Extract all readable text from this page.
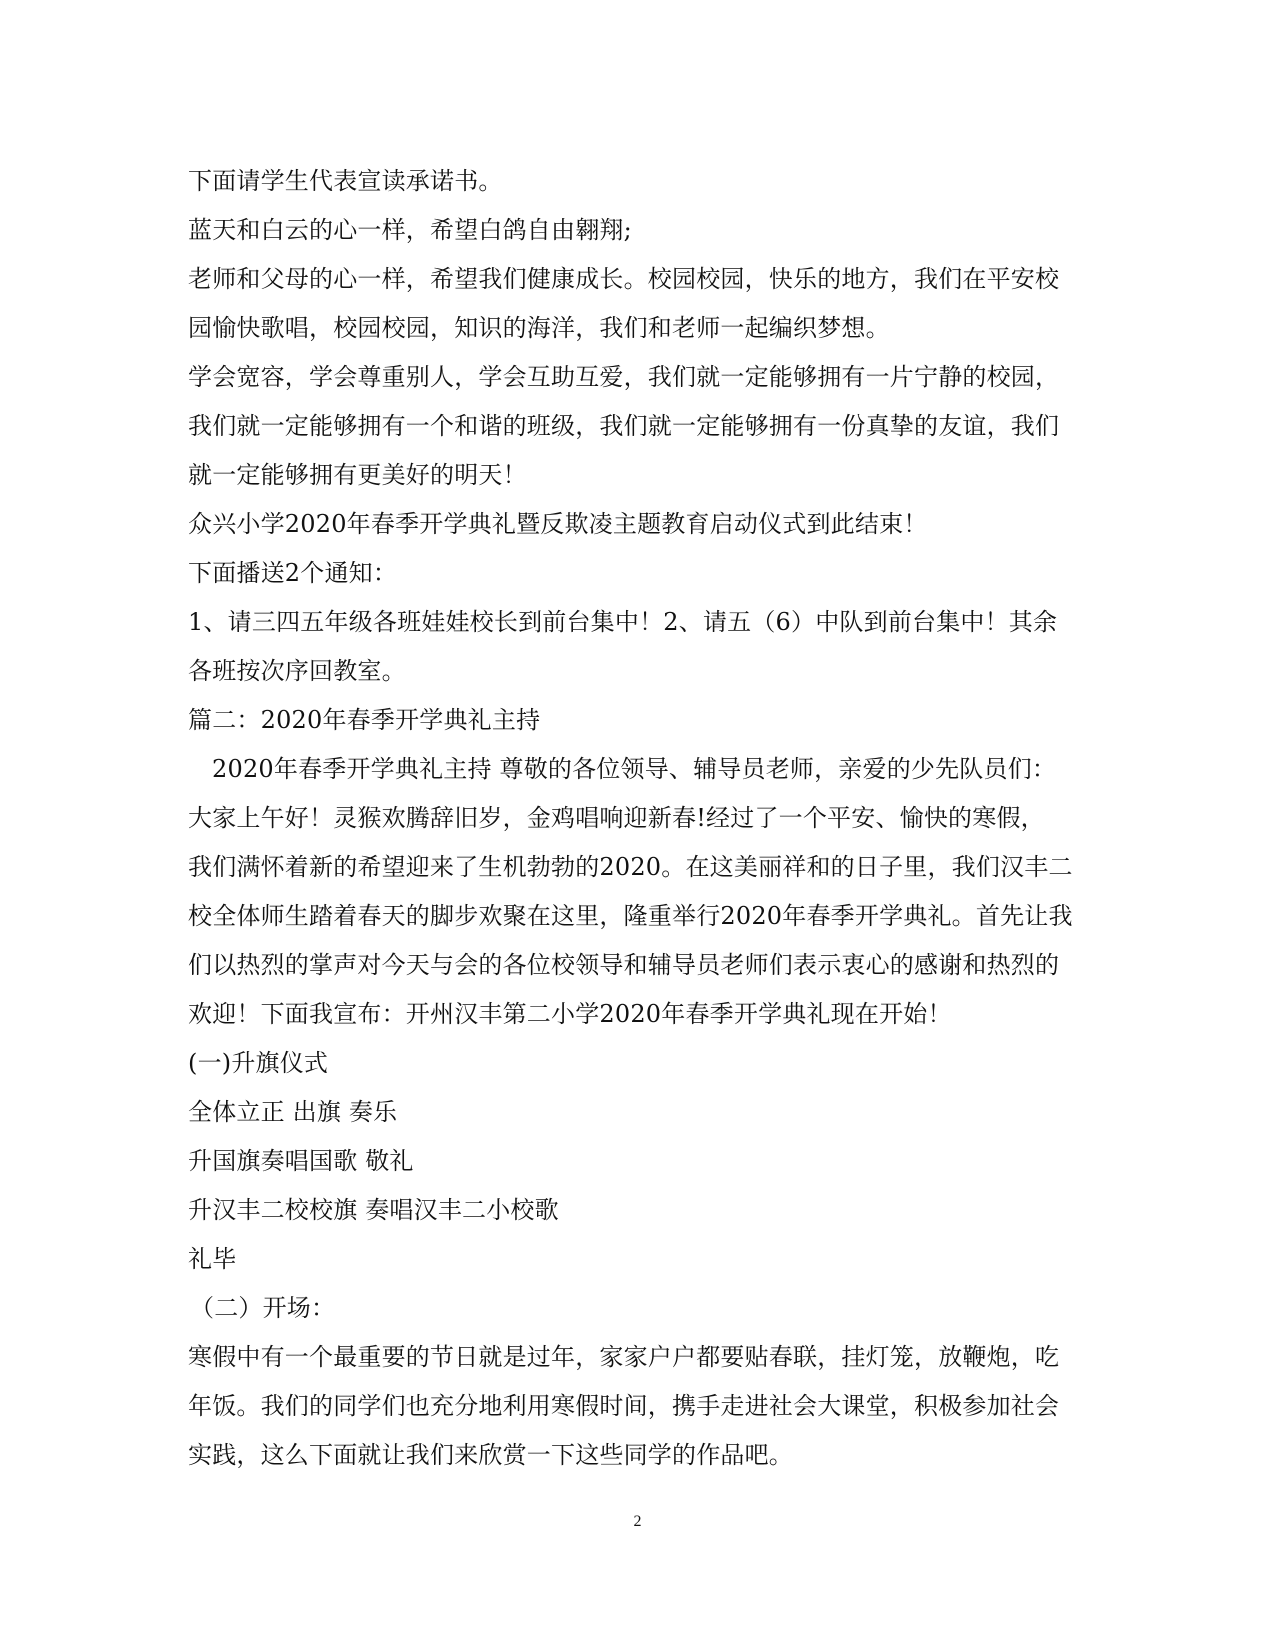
下面请学生代表宣读承诺书。
蓝天和白云的心一样，希望白鸽自由翱翔;
老师和父母的心一样，希望我们健康成长。校园校园，快乐的地方，我们在平安校
园愉快歌唱，校园校园，知识的海洋，我们和老师一起编织梦想。
学会宽容，学会尊重别人，学会互助互爱，我们就一定能够拥有一片宁静的校园，
我们就一定能够拥有一个和谐的班级，我们就一定能够拥有一份真挚的友谊，我们
就一定能够拥有更美好的明天！
众兴小学2020年春季开学典礼暨反欺凌主题教育启动仪式到此结束！
下面播送2个通知：
1、请三四五年级各班娃娃校长到前台集中！2、请五（6）中队到前台集中！其余
各班按次序回教室。
篇二：2020年春季开学典礼主持
2020年春季开学典礼主持 尊敬的各位领导、辅导员老师，亲爱的少先队员们：
大家上午好！灵猴欢腾辞旧岁，金鸡唱响迎新春!经过了一个平安、愉快的寒假，
我们满怀着新的希望迎来了生机勃勃的2020。在这美丽祥和的日子里，我们汉丰二
校全体师生踏着春天的脚步欢聚在这里，隆重举行2020年春季开学典礼。首先让我
们以热烈的掌声对今天与会的各位校领导和辅导员老师们表示衷心的感谢和热烈的
欢迎！下面我宣布：开州汉丰第二小学2020年春季开学典礼现在开始！
(一)升旗仪式
全体立正 出旗 奏乐
升国旗奏唱国歌 敬礼
升汉丰二校校旗 奏唱汉丰二小校歌
礼毕
（二）开场：
寒假中有一个最重要的节日就是过年，家家户户都要贴春联，挂灯笼，放鞭炮，吃
年饭。我们的同学们也充分地利用寒假时间，携手走进社会大课堂，积极参加社会
实践，这么下面就让我们来欣赏一下这些同学的作品吧。
2
